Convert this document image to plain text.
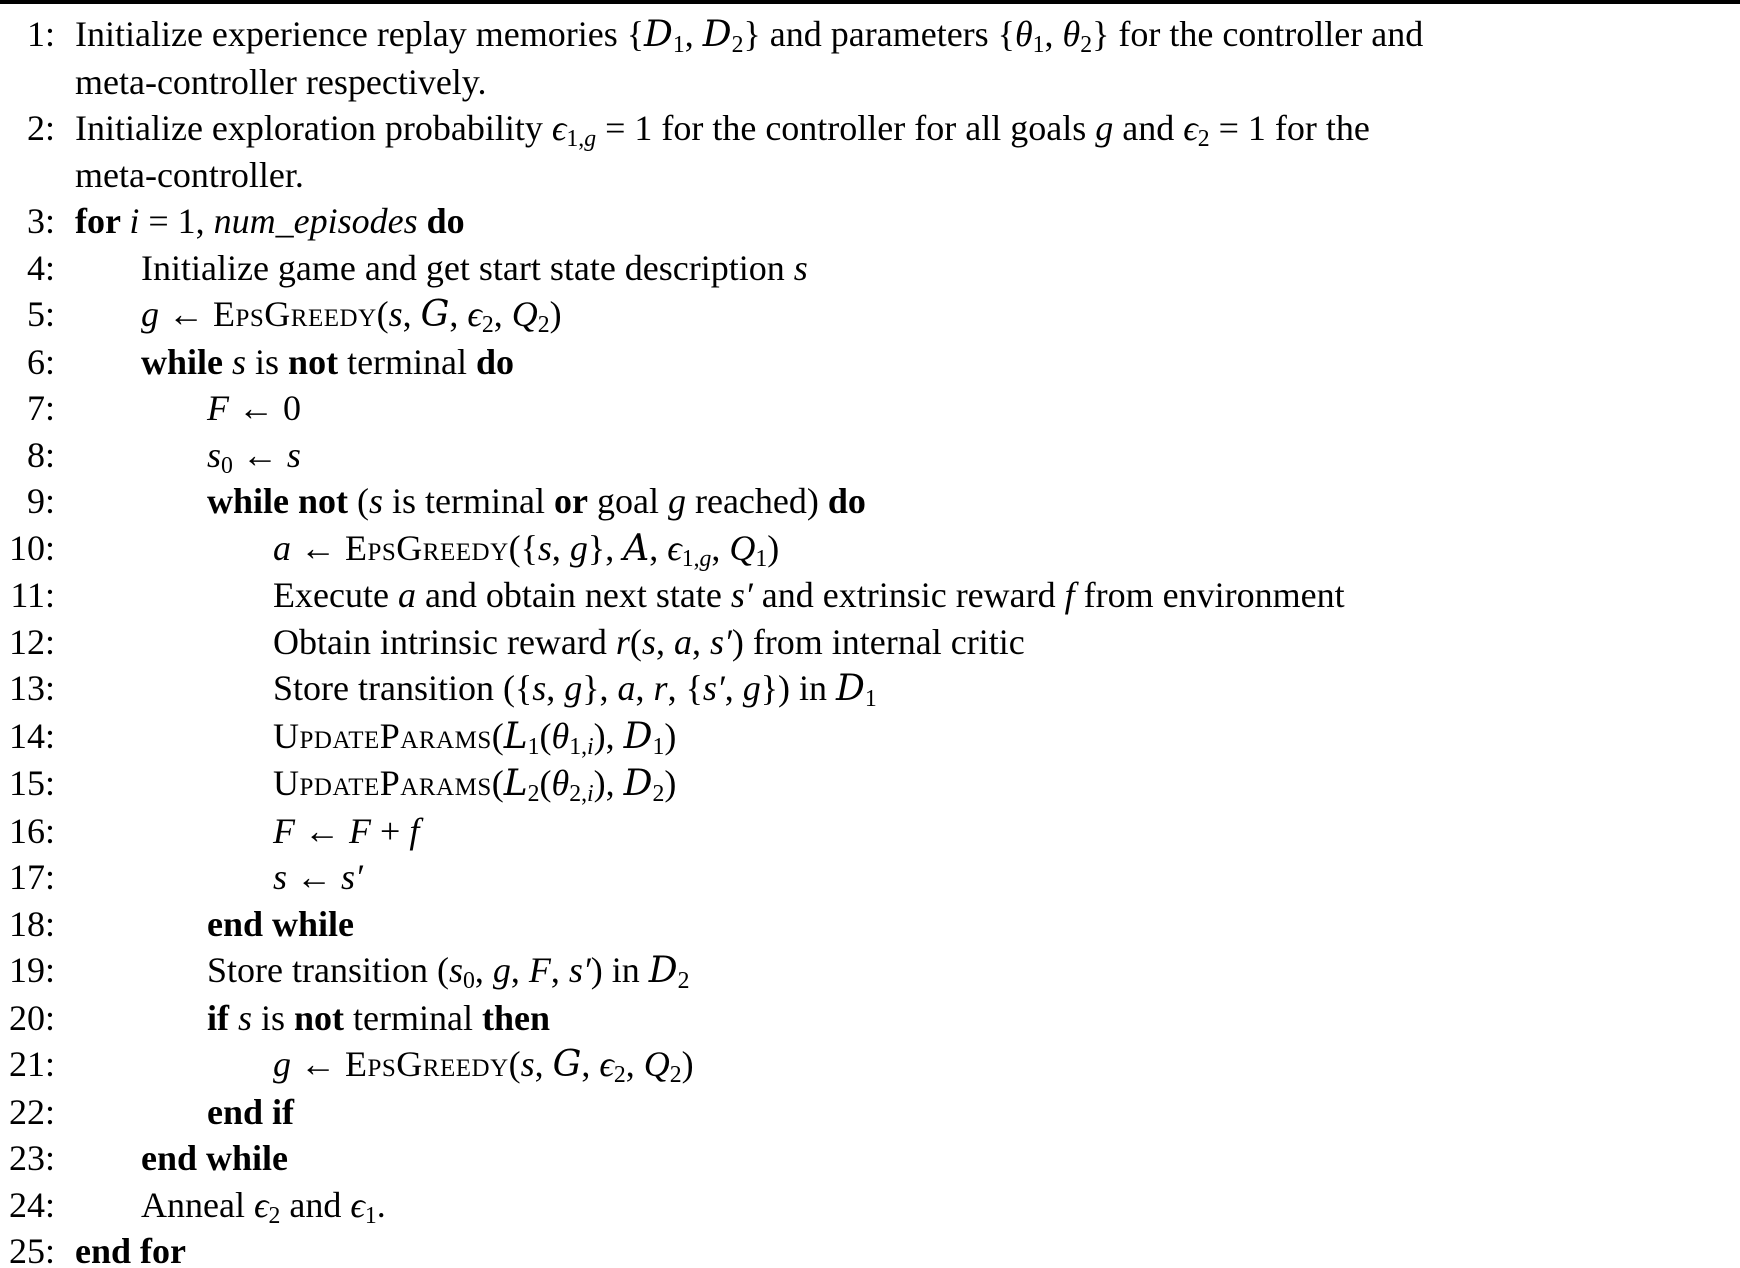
1: Initialize experience replay memories {$D_1$, $D_2$} and parameters {$\theta_1$, $\theta_2$} for the controller and
meta-controller respectively.
2: Initialize exploration probability $\epsilon_{1,}g = 1$ for the controller for all goals g and $\epsilon_2 = 1$ for the
meta-controller.
3: for i = 1, num_episodes do
4:	Initialize game and get start state description s
5:	g ← EpsGreedy(s, G, $\epsilon_2$, $Q_2$)
6:	while s is not terminal do
7:	F ← 0
8:	$s_0$ ← s
9:	while not (s is terminal or goal g reached) do
10:	a ← EpsGreedy({s, g}, A, $\epsilon_{1,}g$, $Q_1$)
11:	Execute a and obtain next state s′ and extrinsic reward f from environment
12:	Obtain intrinsic reward r(s, a, s′) from internal critic
13:	Store transition ({s, g}, a, r, {s′, g}) in $D_1$
14:	$UpdateParams(L_1(\theta_{1,}i)$, $D_1$)
15:	$UpdateParams(L_2(\theta_{2,}i)$, $D_2$)
16:	F ← F + f
17:	s ← s′
18:	end while
19:	Store transition ($s_0$, g, F, s′) in $D_2$
20:	if s is not terminal then
21:	g ← EpsGreedy(s, G, $\epsilon_2$, $Q_2$)
22:	end if
23:	end while
24:	Anneal $\epsilon_2$ and $\epsilon_1$.
25: end for
